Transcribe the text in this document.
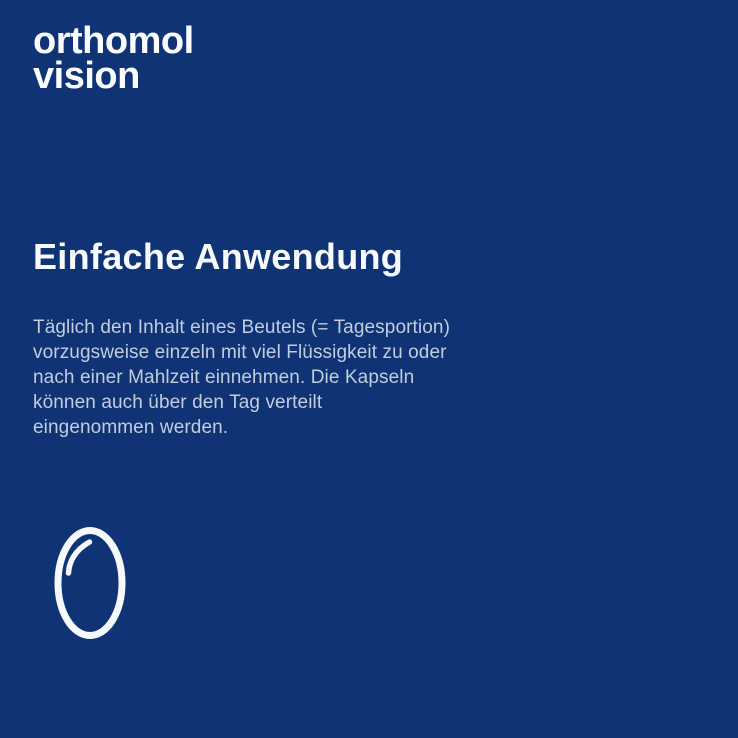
orthomol
vision
Einfache Anwendung
Täglich den Inhalt eines Beutels (= Tagesportion)
vorzugsweise einzeln mit viel Flüssigkeit zu oder
nach einer Mahlzeit einnehmen. Die Kapseln
können auch über den Tag verteilt
eingenommen werden.
